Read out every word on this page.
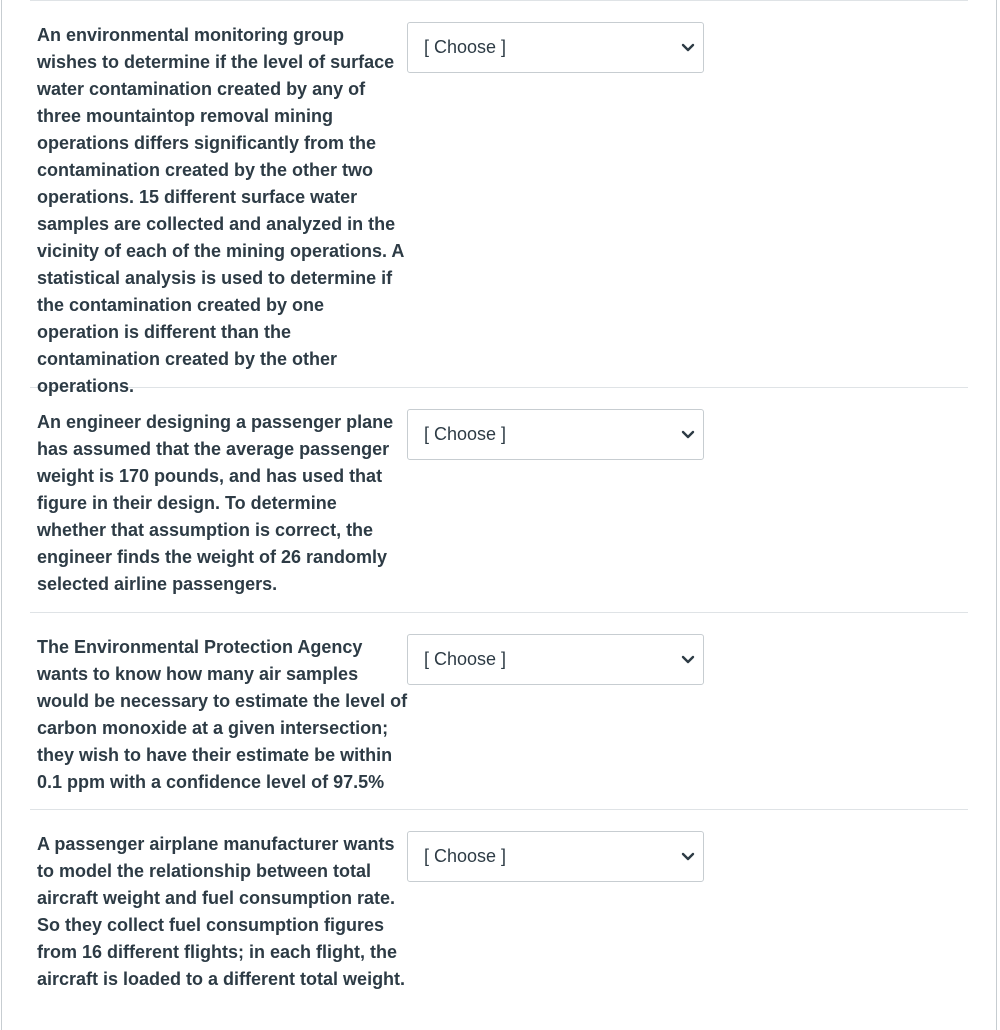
An environmental monitoring group wishes to determine if the level of surface water contamination created by any of three mountaintop removal mining operations differs significantly from the contamination created by the other two operations. 15 different surface water samples are collected and analyzed in the vicinity of each of the mining operations. A statistical analysis is used to determine if the contamination created by one operation is different than the contamination created by the other operations.

[ Choose ]

An engineer designing a passenger plane has assumed that the average passenger weight is 170 pounds, and has used that figure in their design. To determine whether that assumption is correct, the engineer finds the weight of 26 randomly selected airline passengers.

[ Choose ]

The Environmental Protection Agency wants to know how many air samples would be necessary to estimate the level of carbon monoxide at a given intersection; they wish to have their estimate be within 0.1 ppm with a confidence level of 97.5%

[ Choose ]

A passenger airplane manufacturer wants to model the relationship between total aircraft weight and fuel consumption rate. So they collect fuel consumption figures from 16 different flights; in each flight, the aircraft is loaded to a different total weight.

[ Choose ]
